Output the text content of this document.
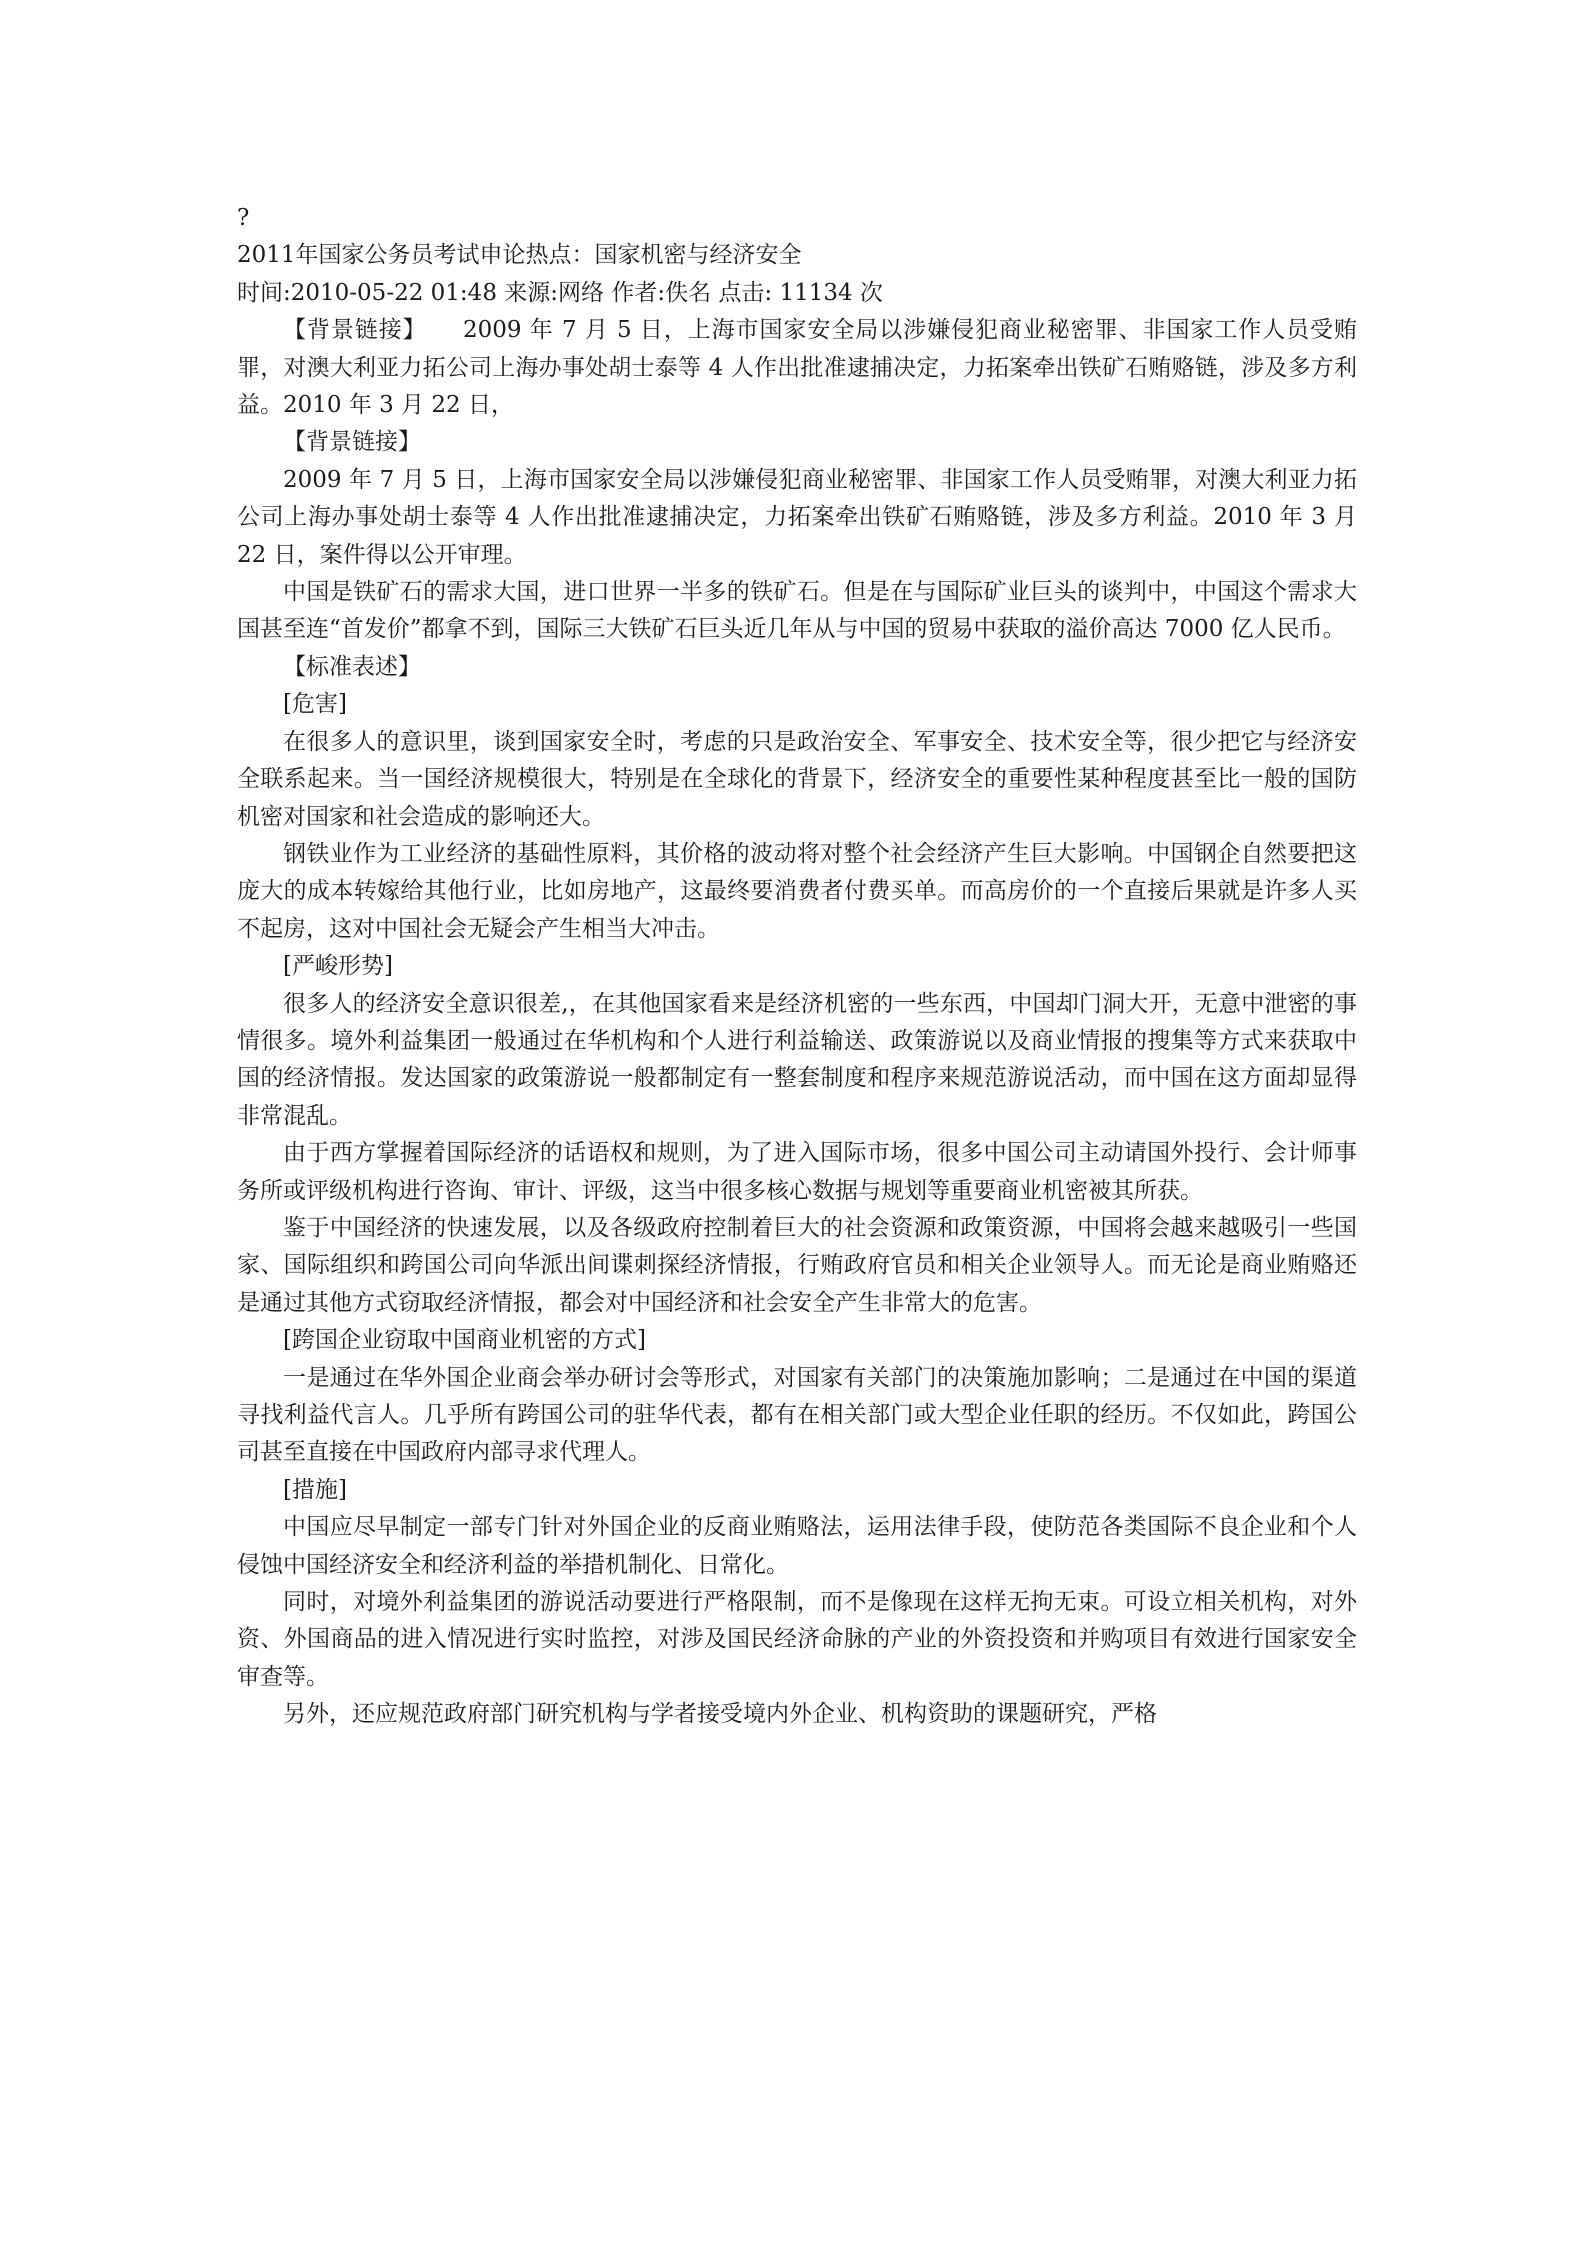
?

2011年国家公务员考试申论热点：国家机密与经济安全

时间:2010-05-22 01:48 来源:网络 作者:佚名 点击: 11134 次

【背景链接】　　2009 年 7 月 5 日，上海市国家安全局以涉嫌侵犯商业秘密罪、非国家工作人员受贿罪，对澳大利亚力拓公司上海办事处胡士泰等 4 人作出批准逮捕决定，力拓案牵出铁矿石贿赂链，涉及多方利益。2010 年 3 月 22 日，

【背景链接】

2009 年 7 月 5 日，上海市国家安全局以涉嫌侵犯商业秘密罪、非国家工作人员受贿罪，对澳大利亚力拓公司上海办事处胡士泰等 4 人作出批准逮捕决定，力拓案牵出铁矿石贿赂链，涉及多方利益。2010 年 3 月 22 日，案件得以公开审理。

中国是铁矿石的需求大国，进口世界一半多的铁矿石。但是在与国际矿业巨头的谈判中，中国这个需求大国甚至连“首发价”都拿不到，国际三大铁矿石巨头近几年从与中国的贸易中获取的溢价高达 7000 亿人民币。

【标准表述】

[危害]

在很多人的意识里，谈到国家安全时，考虑的只是政治安全、军事安全、技术安全等，很少把它与经济安全联系起来。当一国经济规模很大，特别是在全球化的背景下，经济安全的重要性某种程度甚至比一般的国防机密对国家和社会造成的影响还大。

钢铁业作为工业经济的基础性原料，其价格的波动将对整个社会经济产生巨大影响。中国钢企自然要把这庞大的成本转嫁给其他行业，比如房地产，这最终要消费者付费买单。而高房价的一个直接后果就是许多人买不起房，这对中国社会无疑会产生相当大冲击。

[严峻形势]

很多人的经济安全意识很差,，在其他国家看来是经济机密的一些东西，中国却门洞大开，无意中泄密的事情很多。境外利益集团一般通过在华机构和个人进行利益输送、政策游说以及商业情报的搜集等方式来获取中国的经济情报。发达国家的政策游说一般都制定有一整套制度和程序来规范游说活动，而中国在这方面却显得非常混乱。

由于西方掌握着国际经济的话语权和规则，为了进入国际市场，很多中国公司主动请国外投行、会计师事务所或评级机构进行咨询、审计、评级，这当中很多核心数据与规划等重要商业机密被其所获。

鉴于中国经济的快速发展，以及各级政府控制着巨大的社会资源和政策资源，中国将会越来越吸引一些国家、国际组织和跨国公司向华派出间谍刺探经济情报，行贿政府官员和相关企业领导人。而无论是商业贿赂还是通过其他方式窃取经济情报，都会对中国经济和社会安全产生非常大的危害。

[跨国企业窃取中国商业机密的方式]

一是通过在华外国企业商会举办研讨会等形式，对国家有关部门的决策施加影响；二是通过在中国的渠道寻找利益代言人。几乎所有跨国公司的驻华代表，都有在相关部门或大型企业任职的经历。不仅如此，跨国公司甚至直接在中国政府内部寻求代理人。

[措施]

中国应尽早制定一部专门针对外国企业的反商业贿赂法，运用法律手段，使防范各类国际不良企业和个人侵蚀中国经济安全和经济利益的举措机制化、日常化。

同时，对境外利益集团的游说活动要进行严格限制，而不是像现在这样无拘无束。可设立相关机构，对外资、外国商品的进入情况进行实时监控，对涉及国民经济命脉的产业的外资投资和并购项目有效进行国家安全审查等。

另外，还应规范政府部门研究机构与学者接受境内外企业、机构资助的课题研究，严格
